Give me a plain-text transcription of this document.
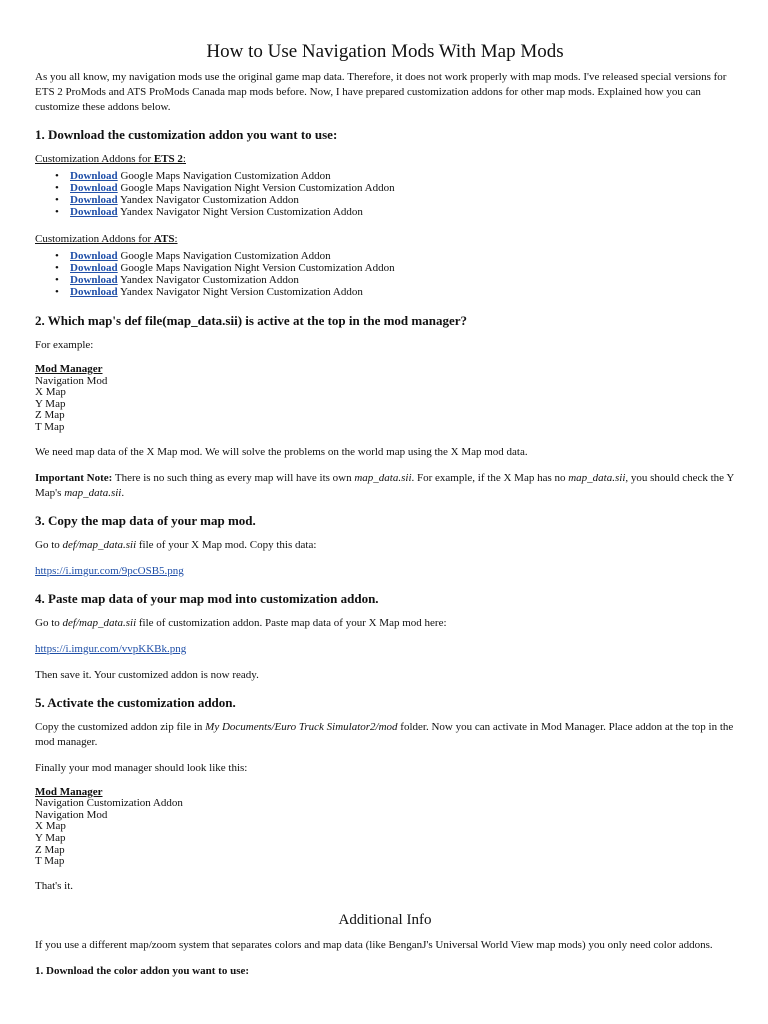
How to Use Navigation Mods With Map Mods

As you all know, my navigation mods use the original game map data. Therefore, it does not work properly with map mods. I've released special versions for ETS 2 ProMods and ATS ProMods Canada map mods before. Now, I have prepared customization addons for other map mods. Explained how you can customize these addons below.

1. Download the customization addon you want to use:

Customization Addons for ETS 2:

• Download Google Maps Navigation Customization Addon
• Download Google Maps Navigation Night Version Customization Addon
• Download Yandex Navigator Customization Addon
• Download Yandex Navigator Night Version Customization Addon

Customization Addons for ATS:

• Download Google Maps Navigation Customization Addon
• Download Google Maps Navigation Night Version Customization Addon
• Download Yandex Navigator Customization Addon
• Download Yandex Navigator Night Version Customization Addon
2. Which map's def file(map_data.sii) is active at the top in the mod manager?

For example:

Mod Manager
Navigation Mod
X Map
Y Map
Z Map
T Map

We need map data of the X Map mod. We will solve the problems on the world map using the X Map mod data.

Important Note: There is no such thing as every map will have its own map_data.sii. For example, if the X Map has no map_data.sii, you should check the Y Map's map_data.sii.

3. Copy the map data of your map mod.

Go to def/map_data.sii file of your X Map mod. Copy this data:

https://i.imgur.com/9pcOSB5.png

4. Paste map data of your map mod into customization addon.

Go to def/map_data.sii file of customization addon. Paste map data of your X Map mod here:

https://i.imgur.com/vvpKKBk.png

Then save it. Your customized addon is now ready.

5. Activate the customization addon.

Copy the customized addon zip file in My Documents/Euro Truck Simulator2/mod folder. Now you can activate in Mod Manager. Place addon at the top in the mod manager.

Finally your mod manager should look like this:

Mod Manager
Navigation Customization Addon
Navigation Mod
X Map
Y Map
Z Map
T Map

That's it.

Additional Info

If you use a different map/zoom system that separates colors and map data (like BenganJ's Universal World View map mods) you only need color addons.

1. Download the color addon you want to use:
